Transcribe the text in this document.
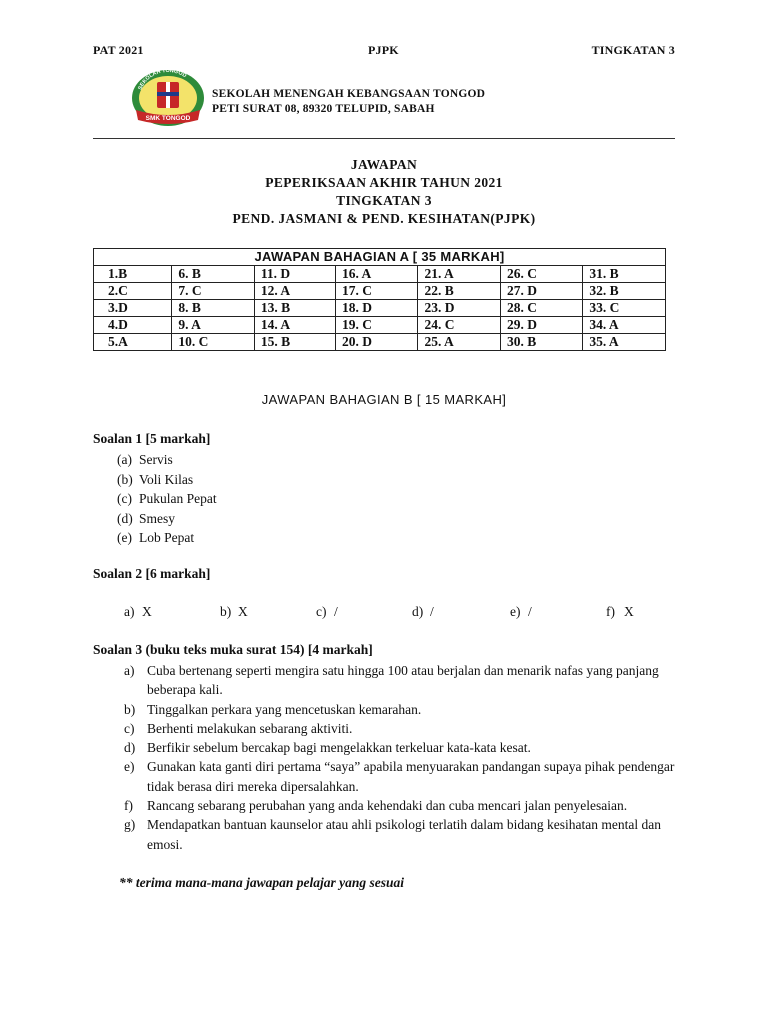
PAT 2021	PJPK	TINGKATAN 3
SEKOLAH TONGOD
SMK TONGOD
SEKOLAH MENENGAH KEBANGSAAN TONGOD
PETI SURAT 08, 89320 TELUPID, SABAH
JAWAPAN
PEPERIKSAAN AKHIR TAHUN 2021
TINGKATAN 3
PEND. JASMANI & PEND. KESIHATAN(PJPK)
JAWAPAN BAHAGIAN A [ 35 MARKAH]						
1.B	6. B	11. D	16. A	21. A	26. C	31. B
2.C	7. C	12. A	17. C	22. B	27. D	32. B
3.D	8. B	13. B	18. D	23. D	28. C	33. C
4.D	9. A	14. A	19. C	24. C	29. D	34. A
5.A	10. C	15. B	20. D	25. A	30. B	35. A
JAWAPAN BAHAGIAN B [ 15 MARKAH]
Soalan 1 [5 markah]
(a) Servis
(b) Voli Kilas
(c) Pukulan Pepat
(d) Smesy
(e) Lob Pepat
Soalan 2 [6 markah]
a) X	b) X	c) /	d) /	e) /	f) X
Soalan 3 (buku teks muka surat 154) [4 markah]
a) Cuba bertenang seperti mengira satu hingga 100 atau berjalan dan menarik nafas yang panjang beberapa kali.
b) Tinggalkan perkara yang mencetuskan kemarahan.
c) Berhenti melakukan sebarang aktiviti.
d) Berfikir sebelum bercakap bagi mengelakkan terkeluar kata-kata kesat.
e) Gunakan kata ganti diri pertama “saya” apabila menyuarakan pandangan supaya pihak pendengar tidak berasa diri mereka dipersalahkan.
f)	Rancang sebarang perubahan yang anda kehendaki dan cuba mencari jalan penyelesaian.
g) Mendapatkan bantuan kaunselor atau ahli psikologi terlatih dalam bidang kesihatan mental dan emosi.
** terima mana-mana jawapan pelajar yang sesuai
